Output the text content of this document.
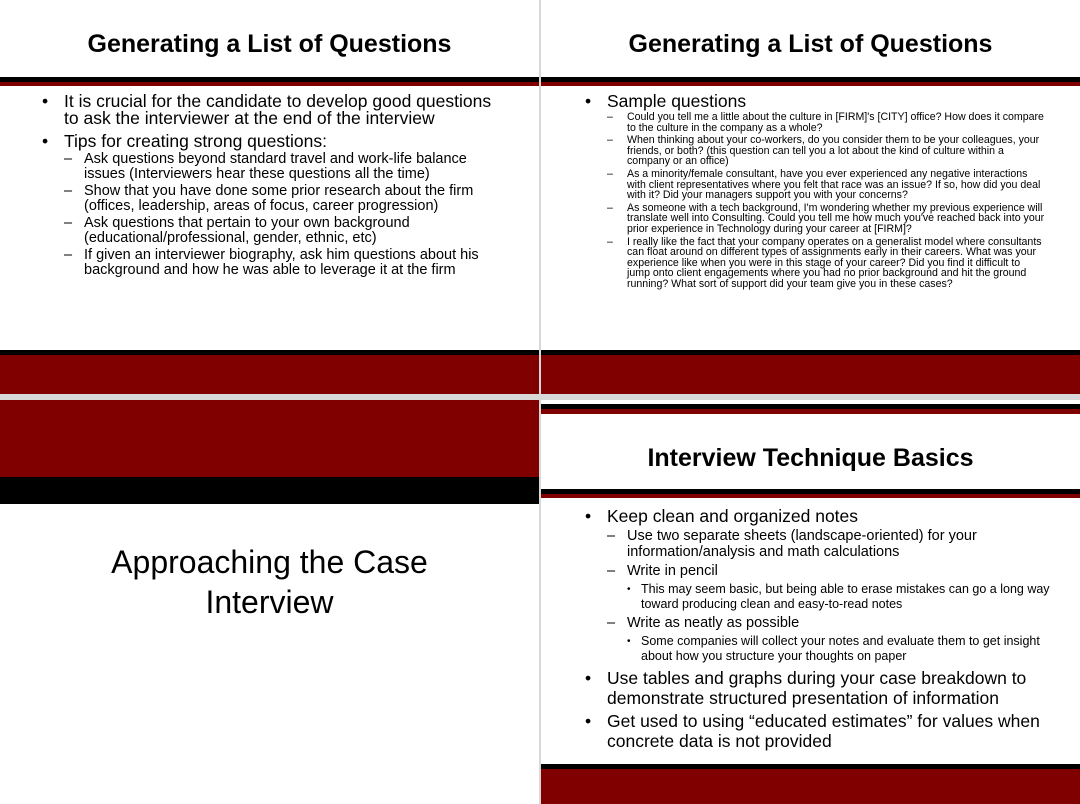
Generating a List of Questions
• It is crucial for the candidate to develop good questions to ask the interviewer at the end of the interview
• Tips for creating strong questions:
– Ask questions beyond standard travel and work-life balance issues (Interviewers hear these questions all the time)
– Show that you have done some prior research about the firm (offices, leadership, areas of focus, career progression)
– Ask questions that pertain to your own background (educational/professional, gender, ethnic, etc)
– If given an interviewer biography, ask him questions about his background and how he was able to leverage it at the firm
Generating a List of Questions
• Sample questions
– Could you tell me a little about the culture in [FIRM]'s [CITY] office? How does it compare to the culture in the company as a whole?
– When thinking about your co-workers, do you consider them to be your colleagues, your friends, or both? (this question can tell you a lot about the kind of culture within a company or an office)
– As a minority/female consultant, have you ever experienced any negative interactions with client representatives where you felt that race was an issue? If so, how did you deal with it? Did your managers support you with your concerns?
– As someone with a tech background, I'm wondering whether my previous experience will translate well into Consulting. Could you tell me how much you've reached back into your prior experience in Technology during your career at [FIRM]?
– I really like the fact that your company operates on a generalist model where consultants can float around on different types of assignments early in their careers. What was your experience like when you were in this stage of your career? Did you find it difficult to jump onto client engagements where you had no prior background and hit the ground running? What sort of support did your team give you in these cases?
Approaching the Case
Interview
Interview Technique Basics
• Keep clean and organized notes
– Use two separate sheets (landscape-oriented) for your information/analysis and math calculations
– Write in pencil
• This may seem basic, but being able to erase mistakes can go a long way toward producing clean and easy-to-read notes
– Write as neatly as possible
• Some companies will collect your notes and evaluate them to get insight about how you structure your thoughts on paper
• Use tables and graphs during your case breakdown to demonstrate structured presentation of information
• Get used to using “educated estimates” for values when concrete data is not provided
